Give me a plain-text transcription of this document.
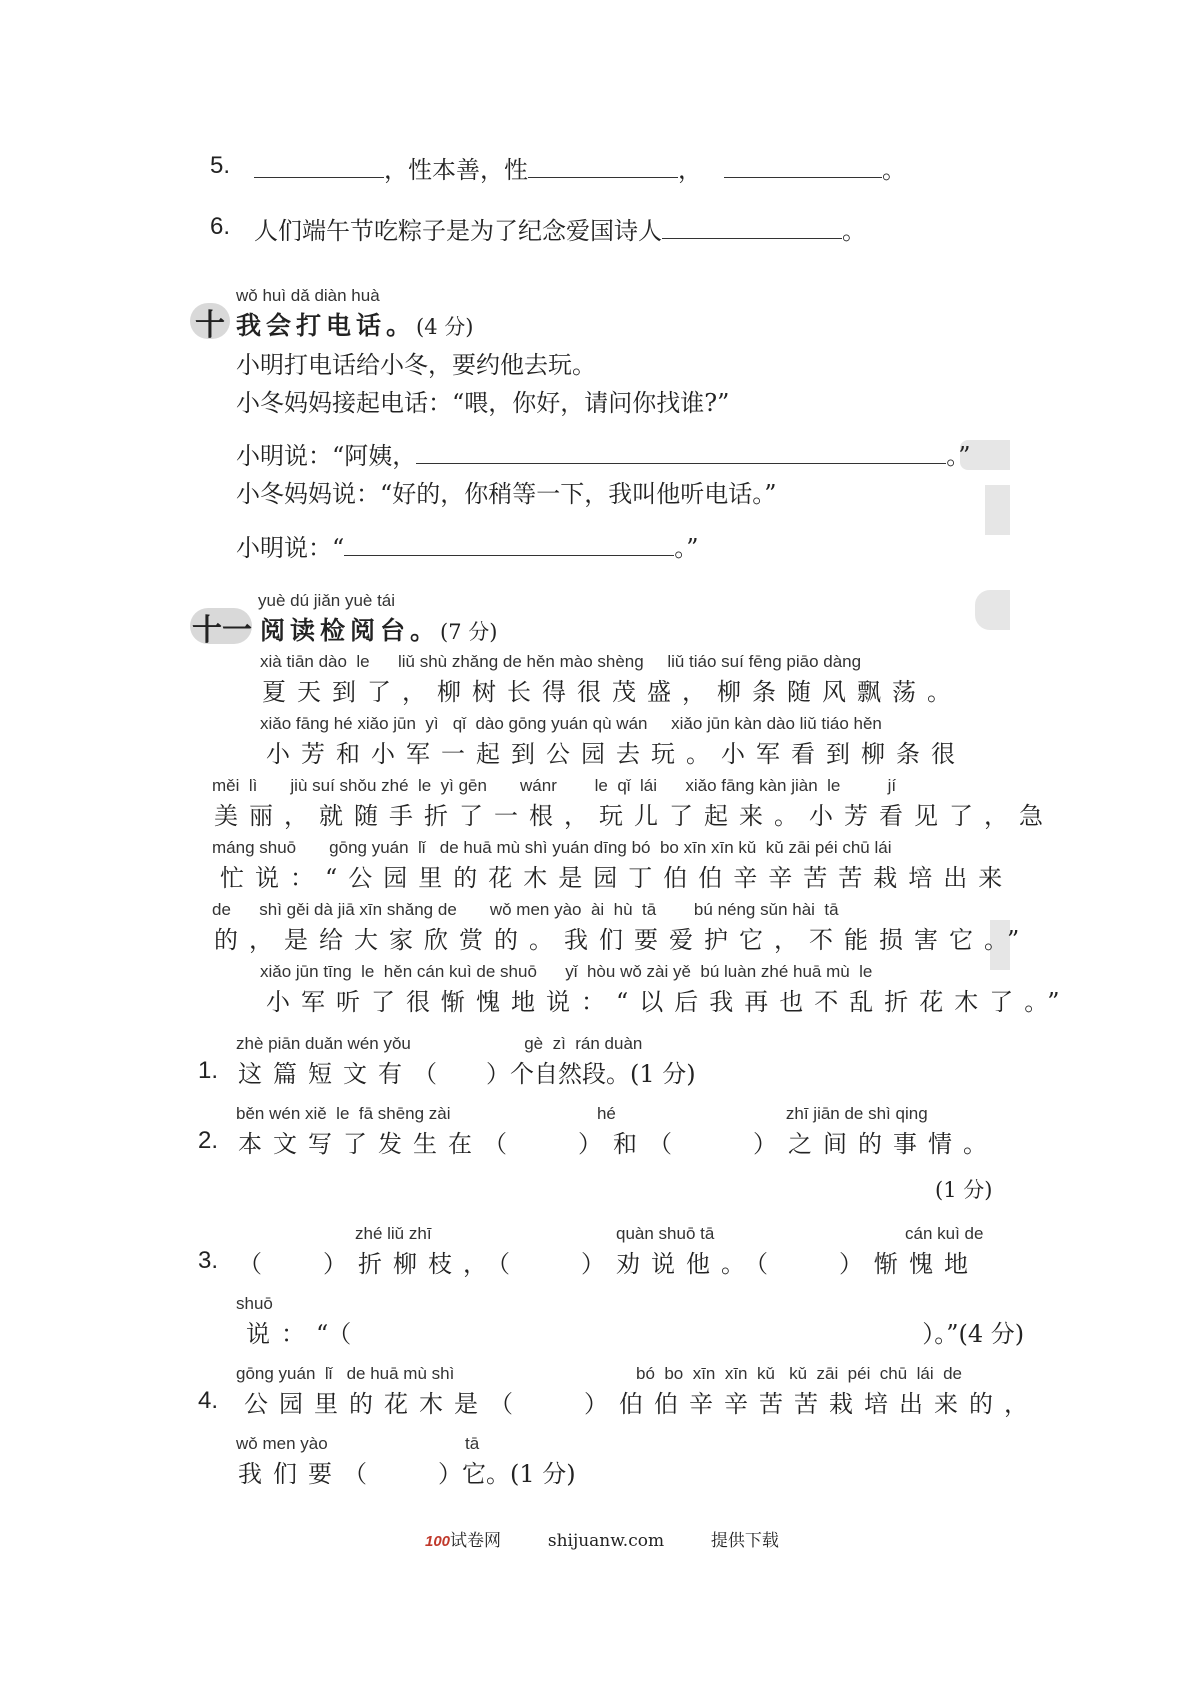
5.	，性本善，性	，	。
6. 人们端午节吃粽子是为了纪念爱国诗人	。
wǒ huì dǎ diàn huà
十 我会打电话。(4 分)
小明打电话给小冬，要约他去玩。
小冬妈妈接起电话：“喂，你好，请问你找谁?”
小明说：“阿姨，	。”
小冬妈妈说：“好的，你稍等一下，我叫他听电话。”
小明说：“	。”
yuè dú jiǎn yuè tái
十一 阅读检阅台。(7 分)
xià tiān dào  le      liǔ shù zhǎng de hěn mào shèng     liǔ tiáo suí fēng piāo dàng
夏天到了，柳树长得很茂盛，柳条随风飘荡。
xiǎo fāng hé xiǎo jūn  yì   qǐ  dào gōng yuán qù wán     xiǎo jūn kàn dào liǔ tiáo hěn
小芳和小军一起到公园去玩。小军看到柳条很
měi  lì       jiù suí shǒu zhé  le  yì gēn       wánr        le  qǐ  lái      xiǎo fāng kàn jiàn  le          jí
美丽，就随手折了一根，玩儿了起来。小芳看见了，急
máng shuō       gōng yuán  lǐ   de huā mù shì yuán dīng bó  bo xīn xīn kǔ  kǔ zāi péi chū lái
忙说：“公园里的花木是园丁伯伯辛辛苦苦栽培出来
de      shì gěi dà jiā xīn shǎng de       wǒ men yào  ài  hù  tā        bú néng sǔn hài  tā
的，是给大家欣赏的。我们要爱护它，不能损害它。”
xiǎo jūn tīng  le  hěn cán kuì de shuō      yǐ  hòu wǒ zài yě  bú luàn zhé huā mù  le
小军听了很惭愧地说：“以后我再也不乱折花木了。”
zhè piān duǎn wén yǒu                        gè  zì  rán duàn
1. 这篇短文有（ ）个自然段。(1 分)
běn wén xiě  le  fā shēng zài                               hé                                    zhī jiān de shì qing
2. 本文写了发生在（	）和（	）之间的事情。
(1 分)
zhé liǔ zhī	quàn shuō tā	cán kuì de
3. （ ）折柳枝，（	）劝说他。（	）惭愧地
shuō
说：“（	）。”(4 分)
gōng yuán  lǐ   de huā mù shì	bó  bo  xīn  xīn  kǔ   kǔ  zāi  péi  chū  lái  de
4. 公园里的花木是（	）伯伯辛辛苦苦栽培出来的，
wǒ men yào	tā
我们要（	）它。(1 分)
100试卷网	shijuanw.com	提供下载
